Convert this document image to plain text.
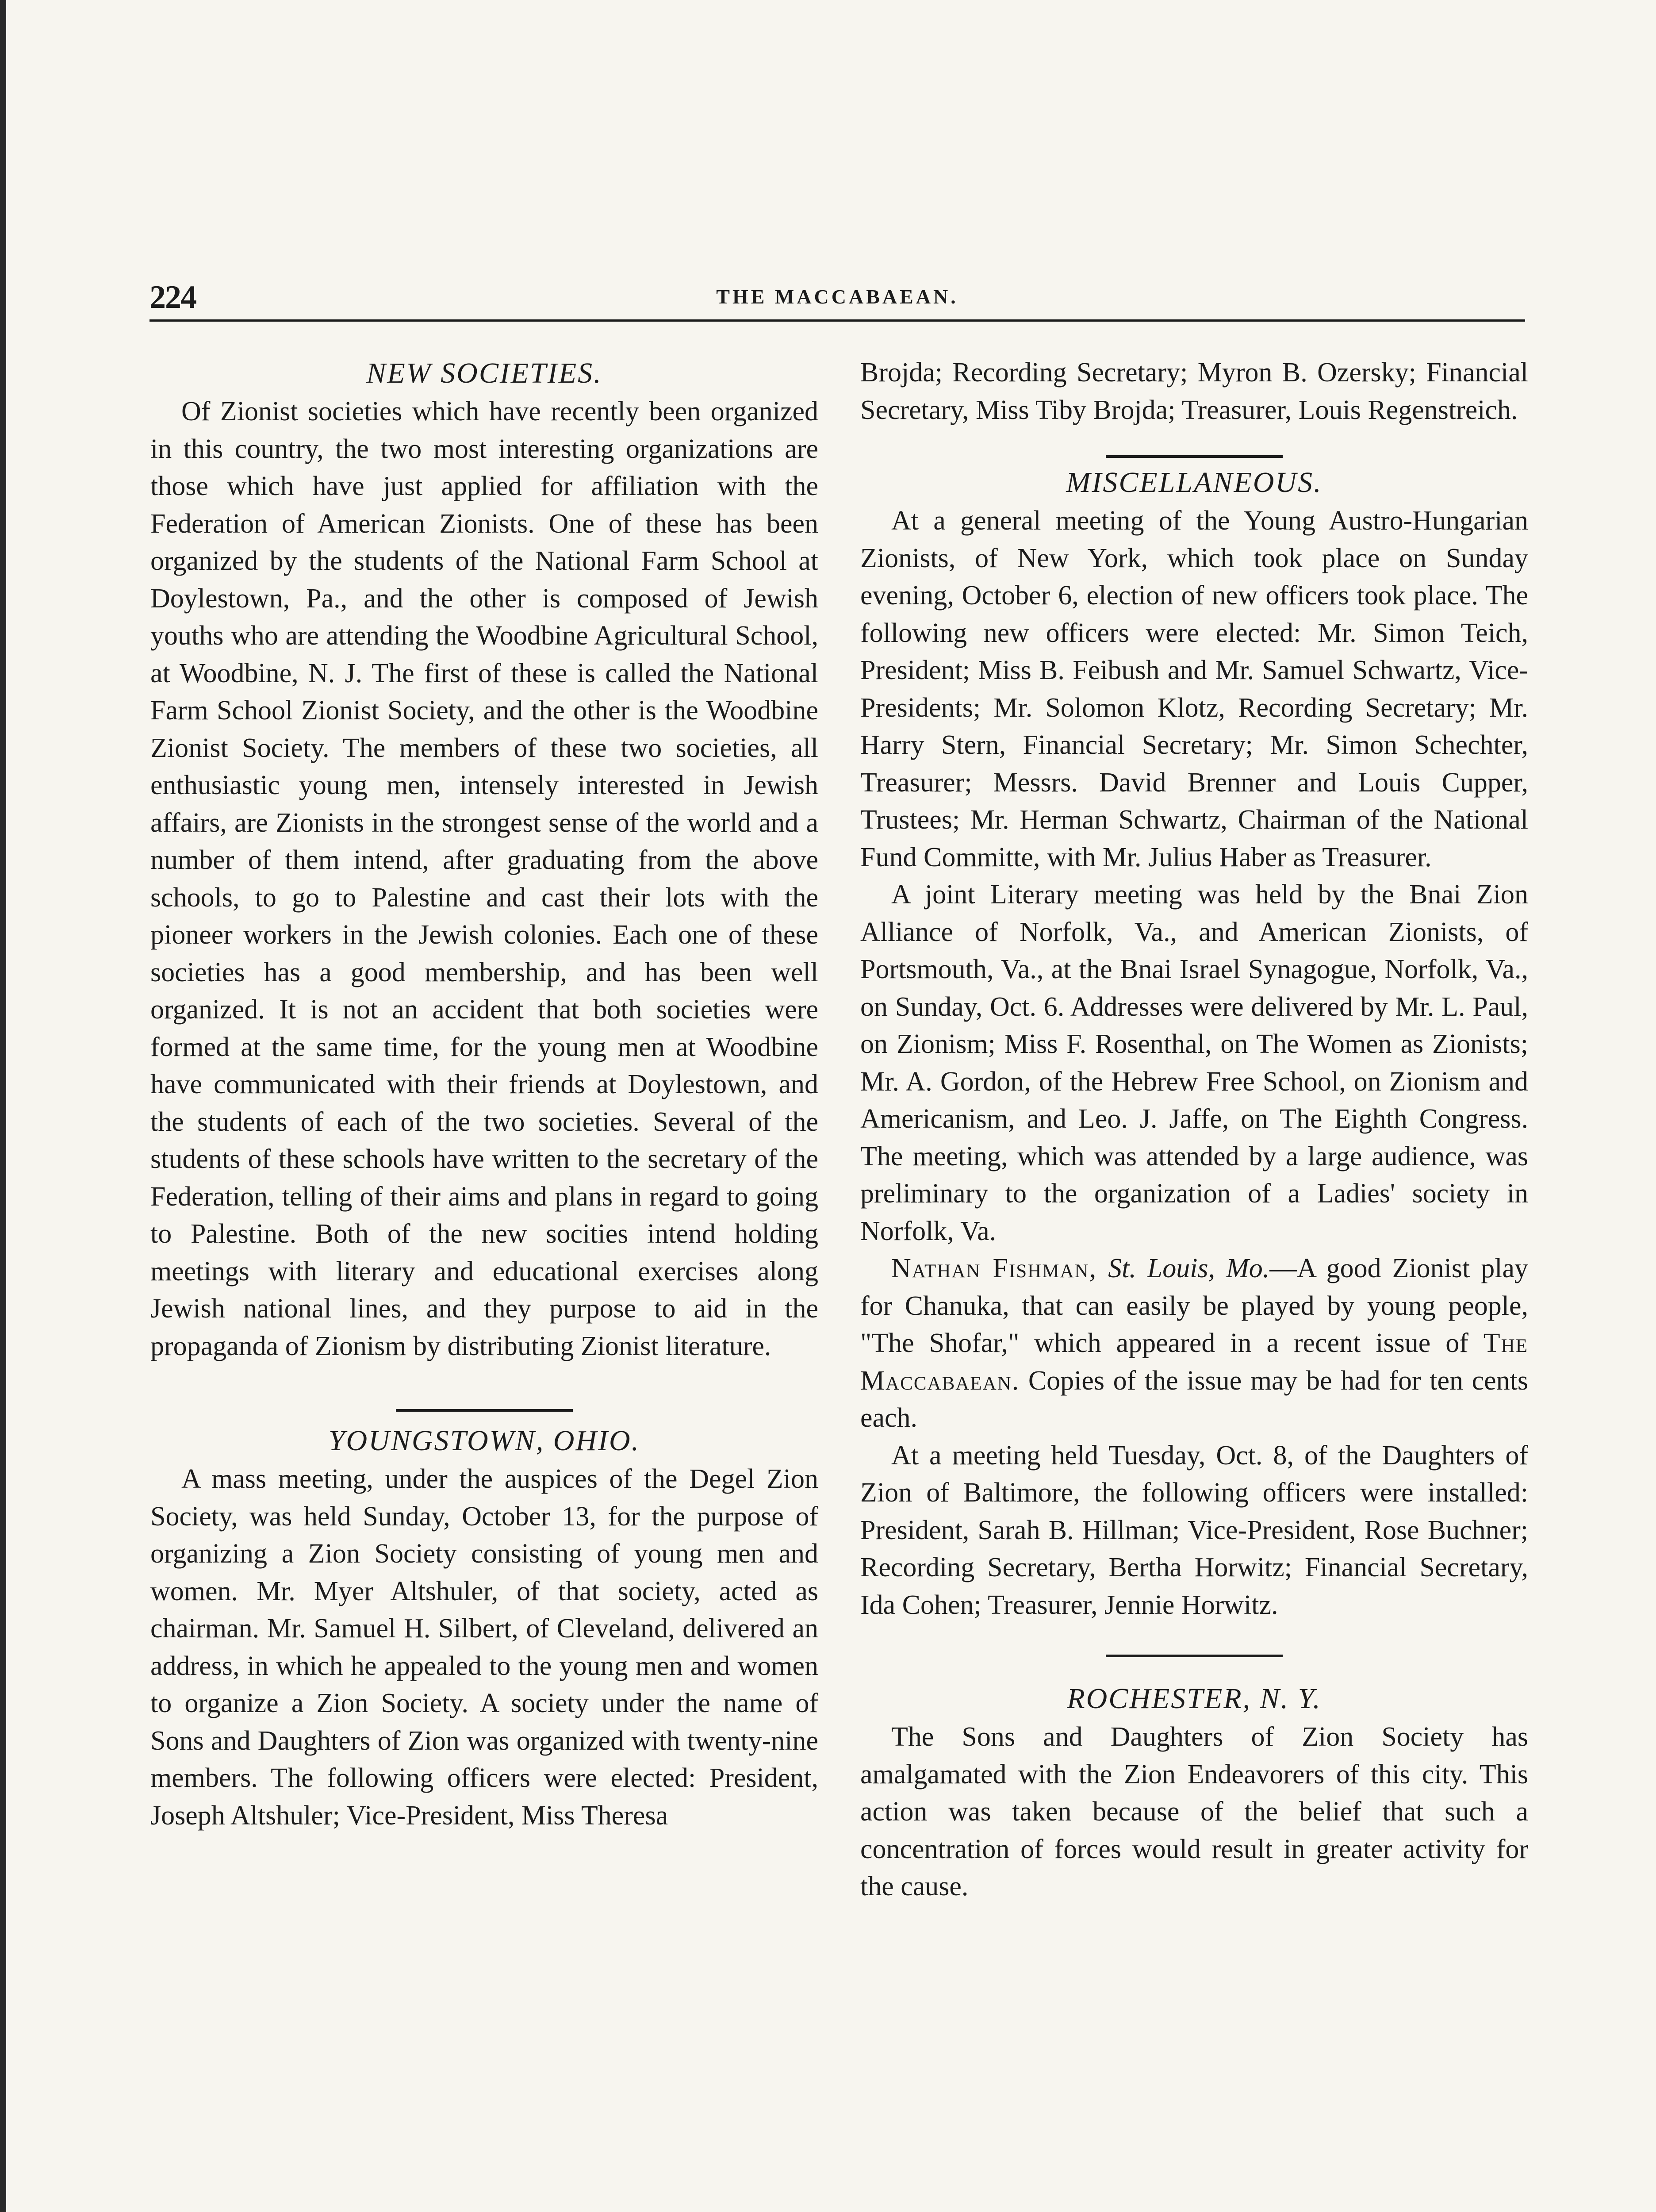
224	THE MACCABAEAN.
NEW SOCIETIES.

Of Zionist societies which have recently been organized in this country, the two most interesting organizations are those which have just applied for affiliation with the Federation of American Zionists. One of these has been organized by the students of the National Farm School at Doylestown, Pa., and the other is composed of Jewish youths who are attending the Woodbine Agricultural School, at Woodbine, N. J. The first of these is called the National Farm School Zionist Society, and the other is the Woodbine Zionist Society. The members of these two societies, all enthusiastic young men, intensely interested in Jewish affairs, are Zionists in the strongest sense of the world and a number of them intend, after graduating from the above schools, to go to Palestine and cast their lots with the pioneer workers in the Jewish colonies. Each one of these societies has a good membership, and has been well organized. It is not an accident that both societies were formed at the same time, for the young men at Woodbine have communicated with their friends at Doylestown, and the students of each of the two societies. Several of the students of these schools have written to the secretary of the Federation, telling of their aims and plans in regard to going to Palestine. Both of the new socities intend holding meetings with literary and educational exercises along Jewish national lines, and they purpose to aid in the propaganda of Zionism by distributing Zionist literature.

YOUNGSTOWN, OHIO.

A mass meeting, under the auspices of the Degel Zion Society, was held Sunday, October 13, for the purpose of organizing a Zion Society consisting of young men and women. Mr. Myer Altshuler, of that society, acted as chairman. Mr. Samuel H. Silbert, of Cleveland, delivered an address, in which he appealed to the young men and women to organize a Zion Society. A society under the name of Sons and Daughters of Zion was organized with twenty-nine members. The following officers were elected: President, Joseph Altshuler; Vice-President, Miss Theresa

Brojda; Recording Secretary; Myron B. Ozersky; Financial Secretary, Miss Tiby Brojda; Treasurer, Louis Regenstreich.

MISCELLANEOUS.

At a general meeting of the Young Austro-Hungarian Zionists, of New York, which took place on Sunday evening, October 6, election of new officers took place. The following new officers were elected: Mr. Simon Teich, President; Miss B. Feibush and Mr. Samuel Schwartz, Vice-Presidents; Mr. Solomon Klotz, Recording Secretary; Mr. Harry Stern, Financial Secretary; Mr. Simon Schechter, Treasurer; Messrs. David Brenner and Louis Cupper, Trustees; Mr. Herman Schwartz, Chairman of the National Fund Committe, with Mr. Julius Haber as Treasurer.

A joint Literary meeting was held by the Bnai Zion Alliance of Norfolk, Va., and American Zionists, of Portsmouth, Va., at the Bnai Israel Synagogue, Norfolk, Va., on Sunday, Oct. 6. Addresses were delivered by Mr. L. Paul, on Zionism; Miss F. Rosenthal, on The Women as Zionists; Mr. A. Gordon, of the Hebrew Free School, on Zionism and Americanism, and Leo. J. Jaffe, on The Eighth Congress. The meeting, which was attended by a large audience, was preliminary to the organization of a Ladies' society in Norfolk, Va.

Nathan Fishman, St. Louis, Mo.—A good Zionist play for Chanuka, that can easily be played by young people, "The Shofar," which appeared in a recent issue of The Maccabaean. Copies of the issue may be had for ten cents each.

At a meeting held Tuesday, Oct. 8, of the Daughters of Zion of Baltimore, the following officers were installed: President, Sarah B. Hillman; Vice-President, Rose Buchner; Recording Secretary, Bertha Horwitz; Financial Secretary, Ida Cohen; Treasurer, Jennie Horwitz.

ROCHESTER, N. Y.

The Sons and Daughters of Zion Society has amalgamated with the Zion Endeavorers of this city. This action was taken because of the belief that such a concentration of forces would result in greater activity for the cause.
